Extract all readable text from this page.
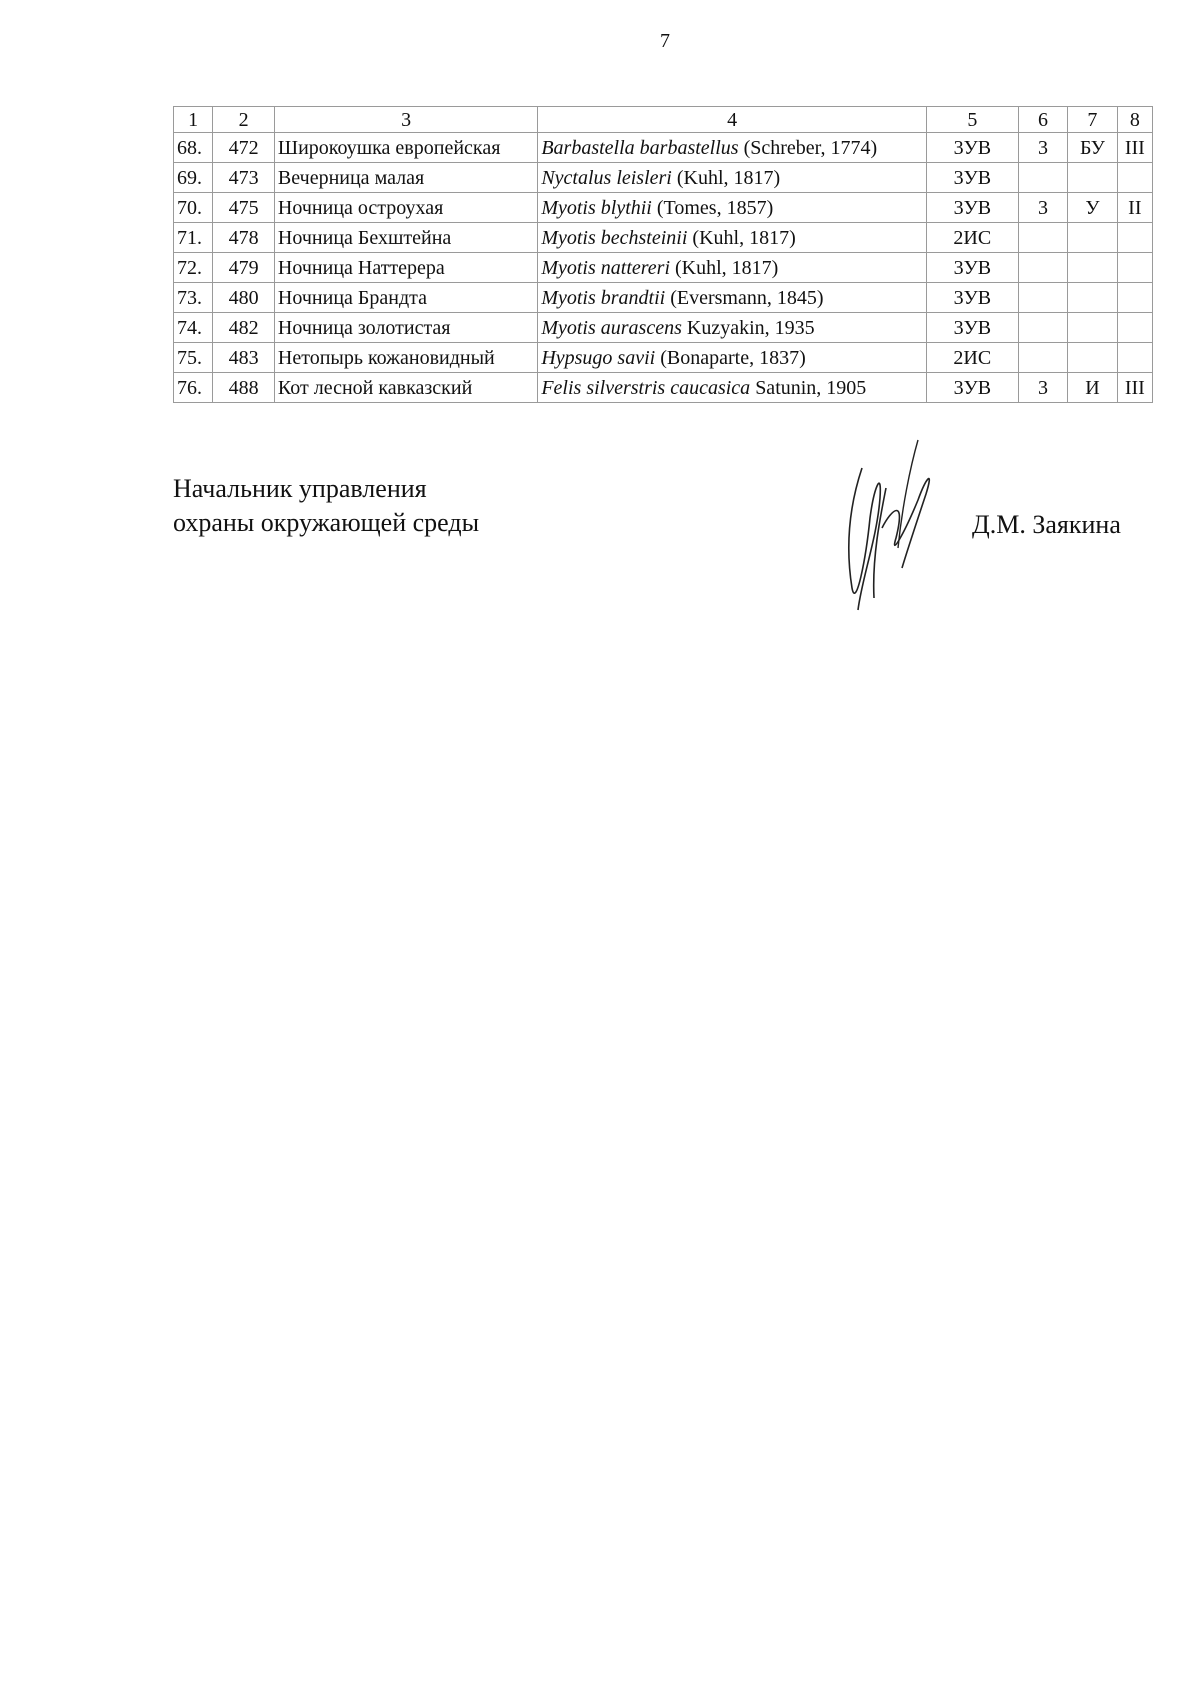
7
1	2	3	4	5	6	7	8
68.	472	Широкоушка европейская	Barbastella barbastellus (Schreber, 1774)	3УВ	3	БУ	III
69.	473	Вечерница малая	Nyctalus leisleri (Kuhl, 1817)	3УВ			
70.	475	Ночница остроухая	Myotis blythii (Tomes, 1857)	3УВ	3	У	II
71.	478	Ночница Бехштейна	Myotis bechsteinii (Kuhl, 1817)	2ИС			
72.	479	Ночница Наттерера	Myotis nattereri (Kuhl, 1817)	3УВ			
73.	480	Ночница Брандта	Myotis brandtii (Eversmann, 1845)	3УВ			
74.	482	Ночница золотистая	Myotis aurascens Kuzyakin, 1935	3УВ			
75.	483	Нетопырь кожановидный	Hypsugo savii (Bonaparte, 1837)	2ИС			
76.	488	Кот лесной кавказский	Felis silverstris caucasica Satunin, 1905	3УВ	3	И	III
Начальник управления
охраны окружающей среды	Д.М. Заякина
